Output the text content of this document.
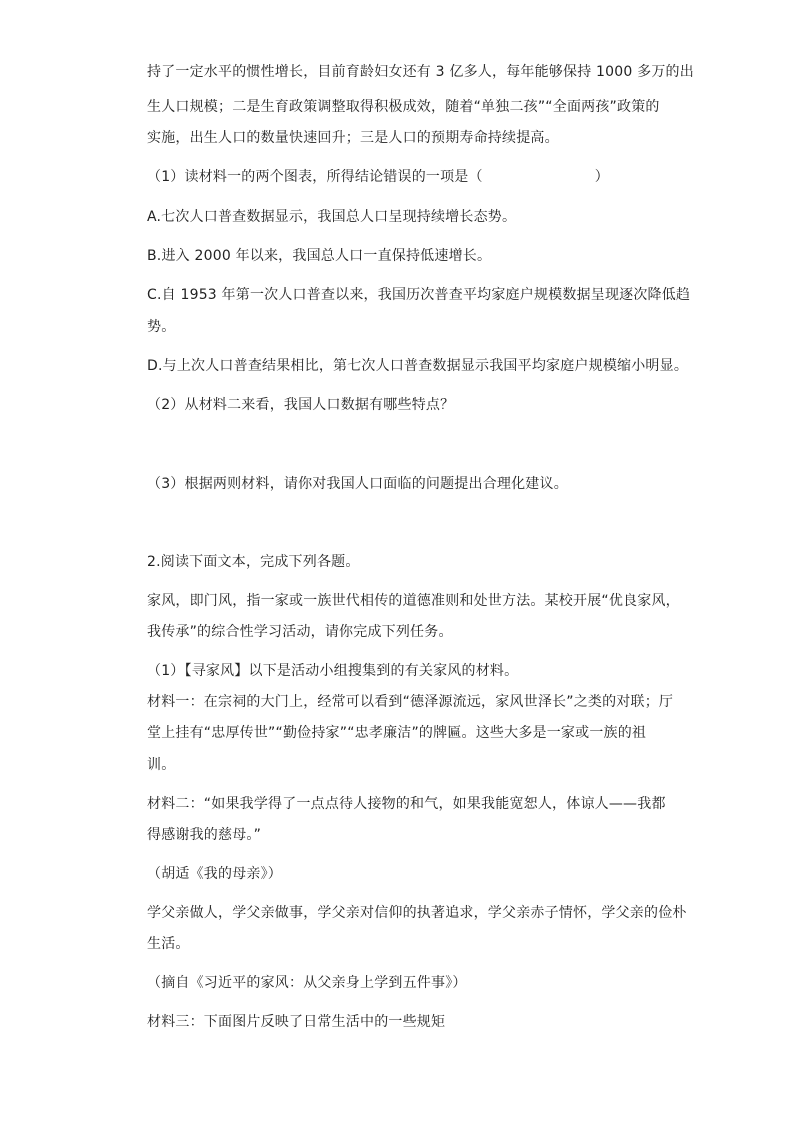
持了一定水平的惯性增长，目前育龄妇女还有 3 亿多人，每年能够保持 1000 多万的出
生人口规模；二是生育政策调整取得积极成效，随着“单独二孩”“全面两孩”政策的
实施，出生人口的数量快速回升；三是人口的预期寿命持续提高。
（1）读材料一的两个图表，所得结论错误的一项是（	）
A.七次人口普查数据显示，我国总人口呈现持续增长态势。
B.进入 2000 年以来，我国总人口一直保持低速增长。
C.自 1953 年第一次人口普查以来，我国历次普查平均家庭户规模数据呈现逐次降低趋
势。
D.与上次人口普查结果相比，第七次人口普查数据显示我国平均家庭户规模缩小明显。
（2）从材料二来看，我国人口数据有哪些特点？
（3）根据两则材料，请你对我国人口面临的问题提出合理化建议。
2.阅读下面文本，完成下列各题。
家风，即门风，指一家或一族世代相传的道德准则和处世方法。某校开展“优良家风，
我传承”的综合性学习活动，请你完成下列任务。
（1）【寻家风】以下是活动小组搜集到的有关家风的材料。
材料一：在宗祠的大门上，经常可以看到“德泽源流远，家风世泽长”之类的对联；厅
堂上挂有“忠厚传世”“勤俭持家”“忠孝廉洁”的牌匾。这些大多是一家或一族的祖
训。
材料二：“如果我学得了一点点待人接物的和气，如果我能宽恕人，体谅人——我都
得感谢我的慈母。”
（胡适《我的母亲》）
学父亲做人，学父亲做事，学父亲对信仰的执著追求，学父亲赤子情怀，学父亲的俭朴
生活。
（摘自《习近平的家风：从父亲身上学到五件事》）
材料三：下面图片反映了日常生活中的一些规矩
